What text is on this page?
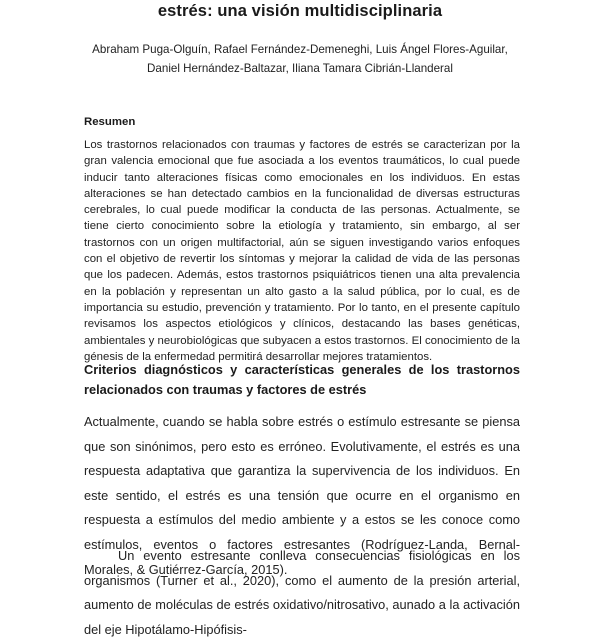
estrés: una visión multidisciplinaria
Abraham Puga-Olguín, Rafael Fernández-Demeneghi, Luis Ángel Flores-Aguilar, Daniel Hernández-Baltazar, Iliana Tamara Cibrián-Llanderal
Resumen
Los trastornos relacionados con traumas y factores de estrés se caracterizan por la gran valencia emocional que fue asociada a los eventos traumáticos, lo cual puede inducir tanto alteraciones físicas como emocionales en los individuos. En estas alteraciones se han detectado cambios en la funcionalidad de diversas estructuras cerebrales, lo cual puede modificar la conducta de las personas. Actualmente, se tiene cierto conocimiento sobre la etiología y tratamiento, sin embargo, al ser trastornos con un origen multifactorial, aún se siguen investigando varios enfoques con el objetivo de revertir los síntomas y mejorar la calidad de vida de las personas que los padecen. Además, estos trastornos psiquiátricos tienen una alta prevalencia en la población y representan un alto gasto a la salud pública, por lo cual, es de importancia su estudio, prevención y tratamiento. Por lo tanto, en el presente capítulo revisamos los aspectos etiológicos y clínicos, destacando las bases genéticas, ambientales y neurobiológicas que subyacen a estos trastornos. El conocimiento de la génesis de la enfermedad permitirá desarrollar mejores tratamientos.
Criterios diagnósticos y características generales de los trastornos relacionados con traumas y factores de estrés
Actualmente, cuando se habla sobre estrés o estímulo estresante se piensa que son sinónimos, pero esto es erróneo. Evolutivamente, el estrés es una respuesta adaptativa que garantiza la supervivencia de los individuos. En este sentido, el estrés es una tensión que ocurre en el organismo en respuesta a estímulos del medio ambiente y a estos se les conoce como estímulos, eventos o factores estresantes (Rodríguez-Landa, Bernal-Morales, & Gutiérrez-García, 2015).
Un evento estresante conlleva consecuencias fisiológicas en los organismos (Turner et al., 2020), como el aumento de la presión arterial, aumento de moléculas de estrés oxidativo/nitrosativo, aunado a la activación del eje Hipotálamo-Hipófisis-
